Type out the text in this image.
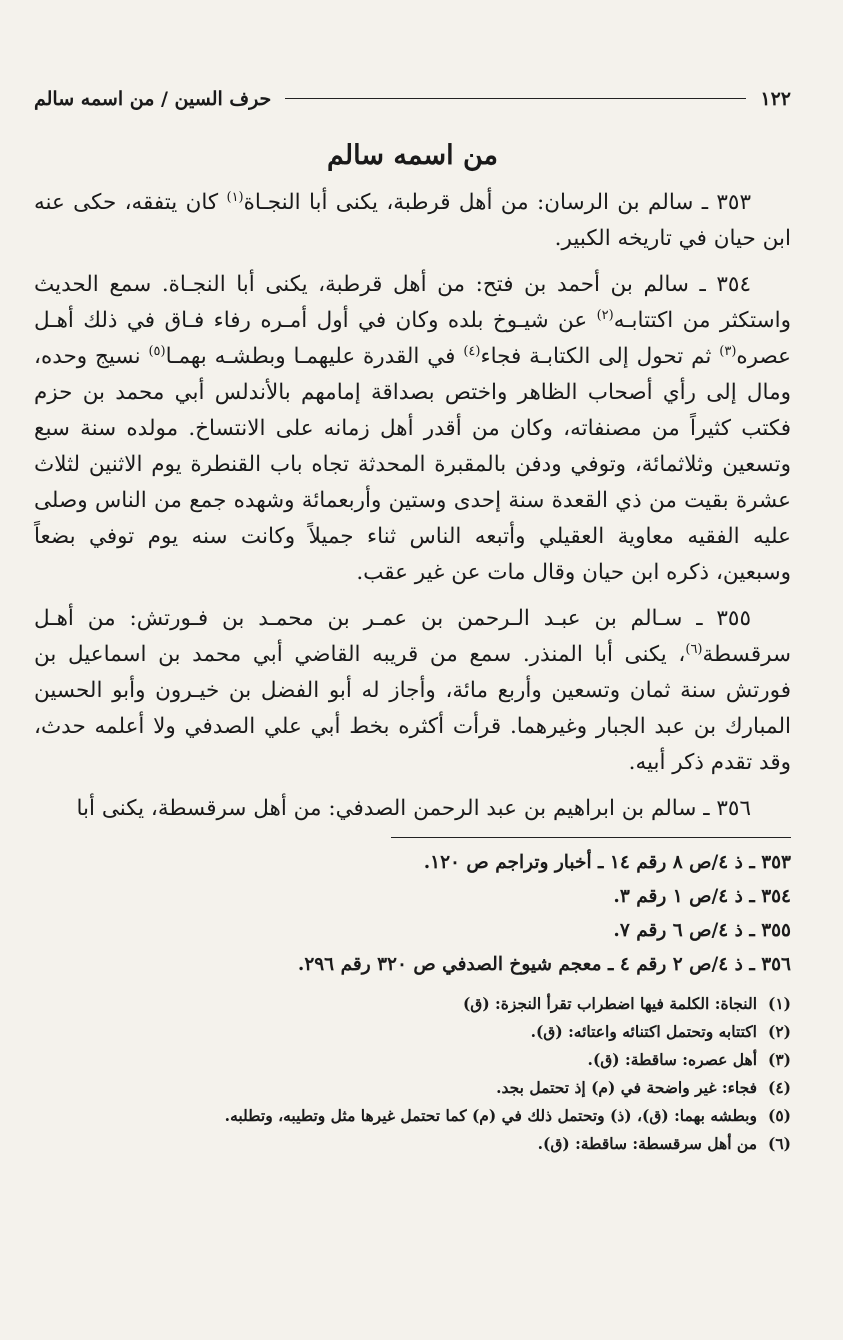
١٢٢
حرف السين / من اسمه سالم
من اسمه سالم

٣٥٣ ـ سالم بن الرسان: من أهل قرطبة، يكنى أبا النجـاة$^{(١)}$ كان يتفقه، حكى عنه ابن حيان في تاريخه الكبير.

٣٥٤ ـ سالم بن أحمد بن فتح: من أهل قرطبة، يكنى أبا النجـاة. سمع الحديث واستكثر من اكتتابـه$^{(٢)}$ عن شيـوخ بلده وكان في أول أمـره رفاء فـاق في ذلك أهـل عصره$^{(٣)}$ ثم تحول إلى الكتابـة فجاء$^{(٤)}$ في القدرة عليهمـا وبطشـه بهمـا$^{(٥)}$ نسيج وحده، ومال إلى رأي أصحاب الظاهر واختص بصداقة إمامهم بالأندلس أبي محمد بن حزم فكتب كثيراً من مصنفاته، وكان من أقدر أهل زمانه على الانتساخ. مولده سنة سبع وتسعين وثلاثمائة، وتوفي ودفن بالمقبرة المحدثة تجاه باب القنطرة يوم الاثنين لثلاث عشرة بقيت من ذي القعدة سنة إحدى وستين وأربعمائة وشهده جمع من الناس وصلى عليه الفقيه معاوية العقيلي وأتبعه الناس ثناء جميلاً وكانت سنه يوم توفي بضعاً وسبعين، ذكره ابن حيان وقال مات عن غير عقب.

٣٥٥ ـ سـالم بن عبـد الـرحمن بن عمـر بن محمـد بن فـورتش: من أهـل سرقسطة$^{(٦)}$، يكنى أبا المنذر. سمع من قريبه القاضي أبي محمد بن اسماعيل بن فورتش سنة ثمان وتسعين وأربع مائة، وأجاز له أبو الفضل بن خيـرون وأبو الحسين المبارك بن عبد الجبار وغيرهما. قرأت أكثره بخط أبي علي الصدفي ولا أعلمه حدث، وقد تقدم ذكر أبيه.

٣٥٦ ـ سالم بن ابراهيم بن عبد الرحمن الصدفي: من أهل سرقسطة، يكنى أبا

٣٥٣ ـ ذ ٤/ص ٨ رقم ١٤ ـ أخبار وتراجم ص ١٢٠.
٣٥٤ ـ ذ ٤/ص ١ رقم ٣.
٣٥٥ ـ ذ ٤/ص ٦ رقم ٧.
٣٥٦ ـ ذ ٤/ص ٢ رقم ٤ ـ معجم شيوخ الصدفي ص ٣٢٠ رقم ٢٩٦.
(١)النجاة: الكلمة فيها اضطراب تقرأ النجزة: (ق)
(٢)اكتتابه وتحتمل اكتنائه واعتائه: (ق).
(٣)أهل عصره: ساقطة: (ق).
(٤)فجاء: غير واضحة في (م) إذ تحتمل بجد.
(٥)وبطشه بهما: (ق)، (ذ) وتحتمل ذلك في (م) كما تحتمل غيرها مثل وتطيبه، وتطلبه.
(٦)من أهل سرقسطة: ساقطة: (ق).
